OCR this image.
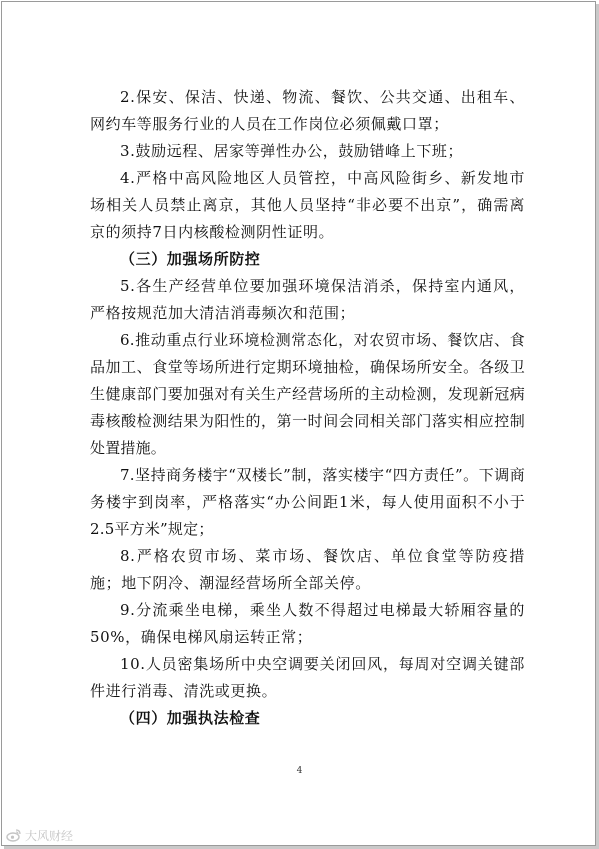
2.保安、保洁、快递、物流、餐饮、公共交通、出租车、网约车等服务行业的人员在工作岗位必须佩戴口罩；

3.鼓励远程、居家等弹性办公，鼓励错峰上下班；

4.严格中高风险地区人员管控，中高风险街乡、新发地市场相关人员禁止离京，其他人员坚持“非必要不出京”，确需离京的须持7日内核酸检测阴性证明。

（三）加强场所防控

5.各生产经营单位要加强环境保洁消杀，保持室内通风，严格按规范加大清洁消毒频次和范围；

6.推动重点行业环境检测常态化，对农贸市场、餐饮店、食品加工、食堂等场所进行定期环境抽检，确保场所安全。各级卫生健康部门要加强对有关生产经营场所的主动检测，发现新冠病毒核酸检测结果为阳性的，第一时间会同相关部门落实相应控制处置措施。

7.坚持商务楼宇“双楼长”制，落实楼宇“四方责任”。下调商务楼宇到岗率，严格落实“办公间距1米，每人使用面积不小于2.5平方米”规定；

8.严格农贸市场、菜市场、餐饮店、单位食堂等防疫措施；地下阴冷、潮湿经营场所全部关停。

9.分流乘坐电梯，乘坐人数不得超过电梯最大轿厢容量的50%，确保电梯风扇运转正常；

10.人员密集场所中央空调要关闭回风，每周对空调关键部件进行消毒、清洗或更换。

（四）加强执法检查

4
大风财经
